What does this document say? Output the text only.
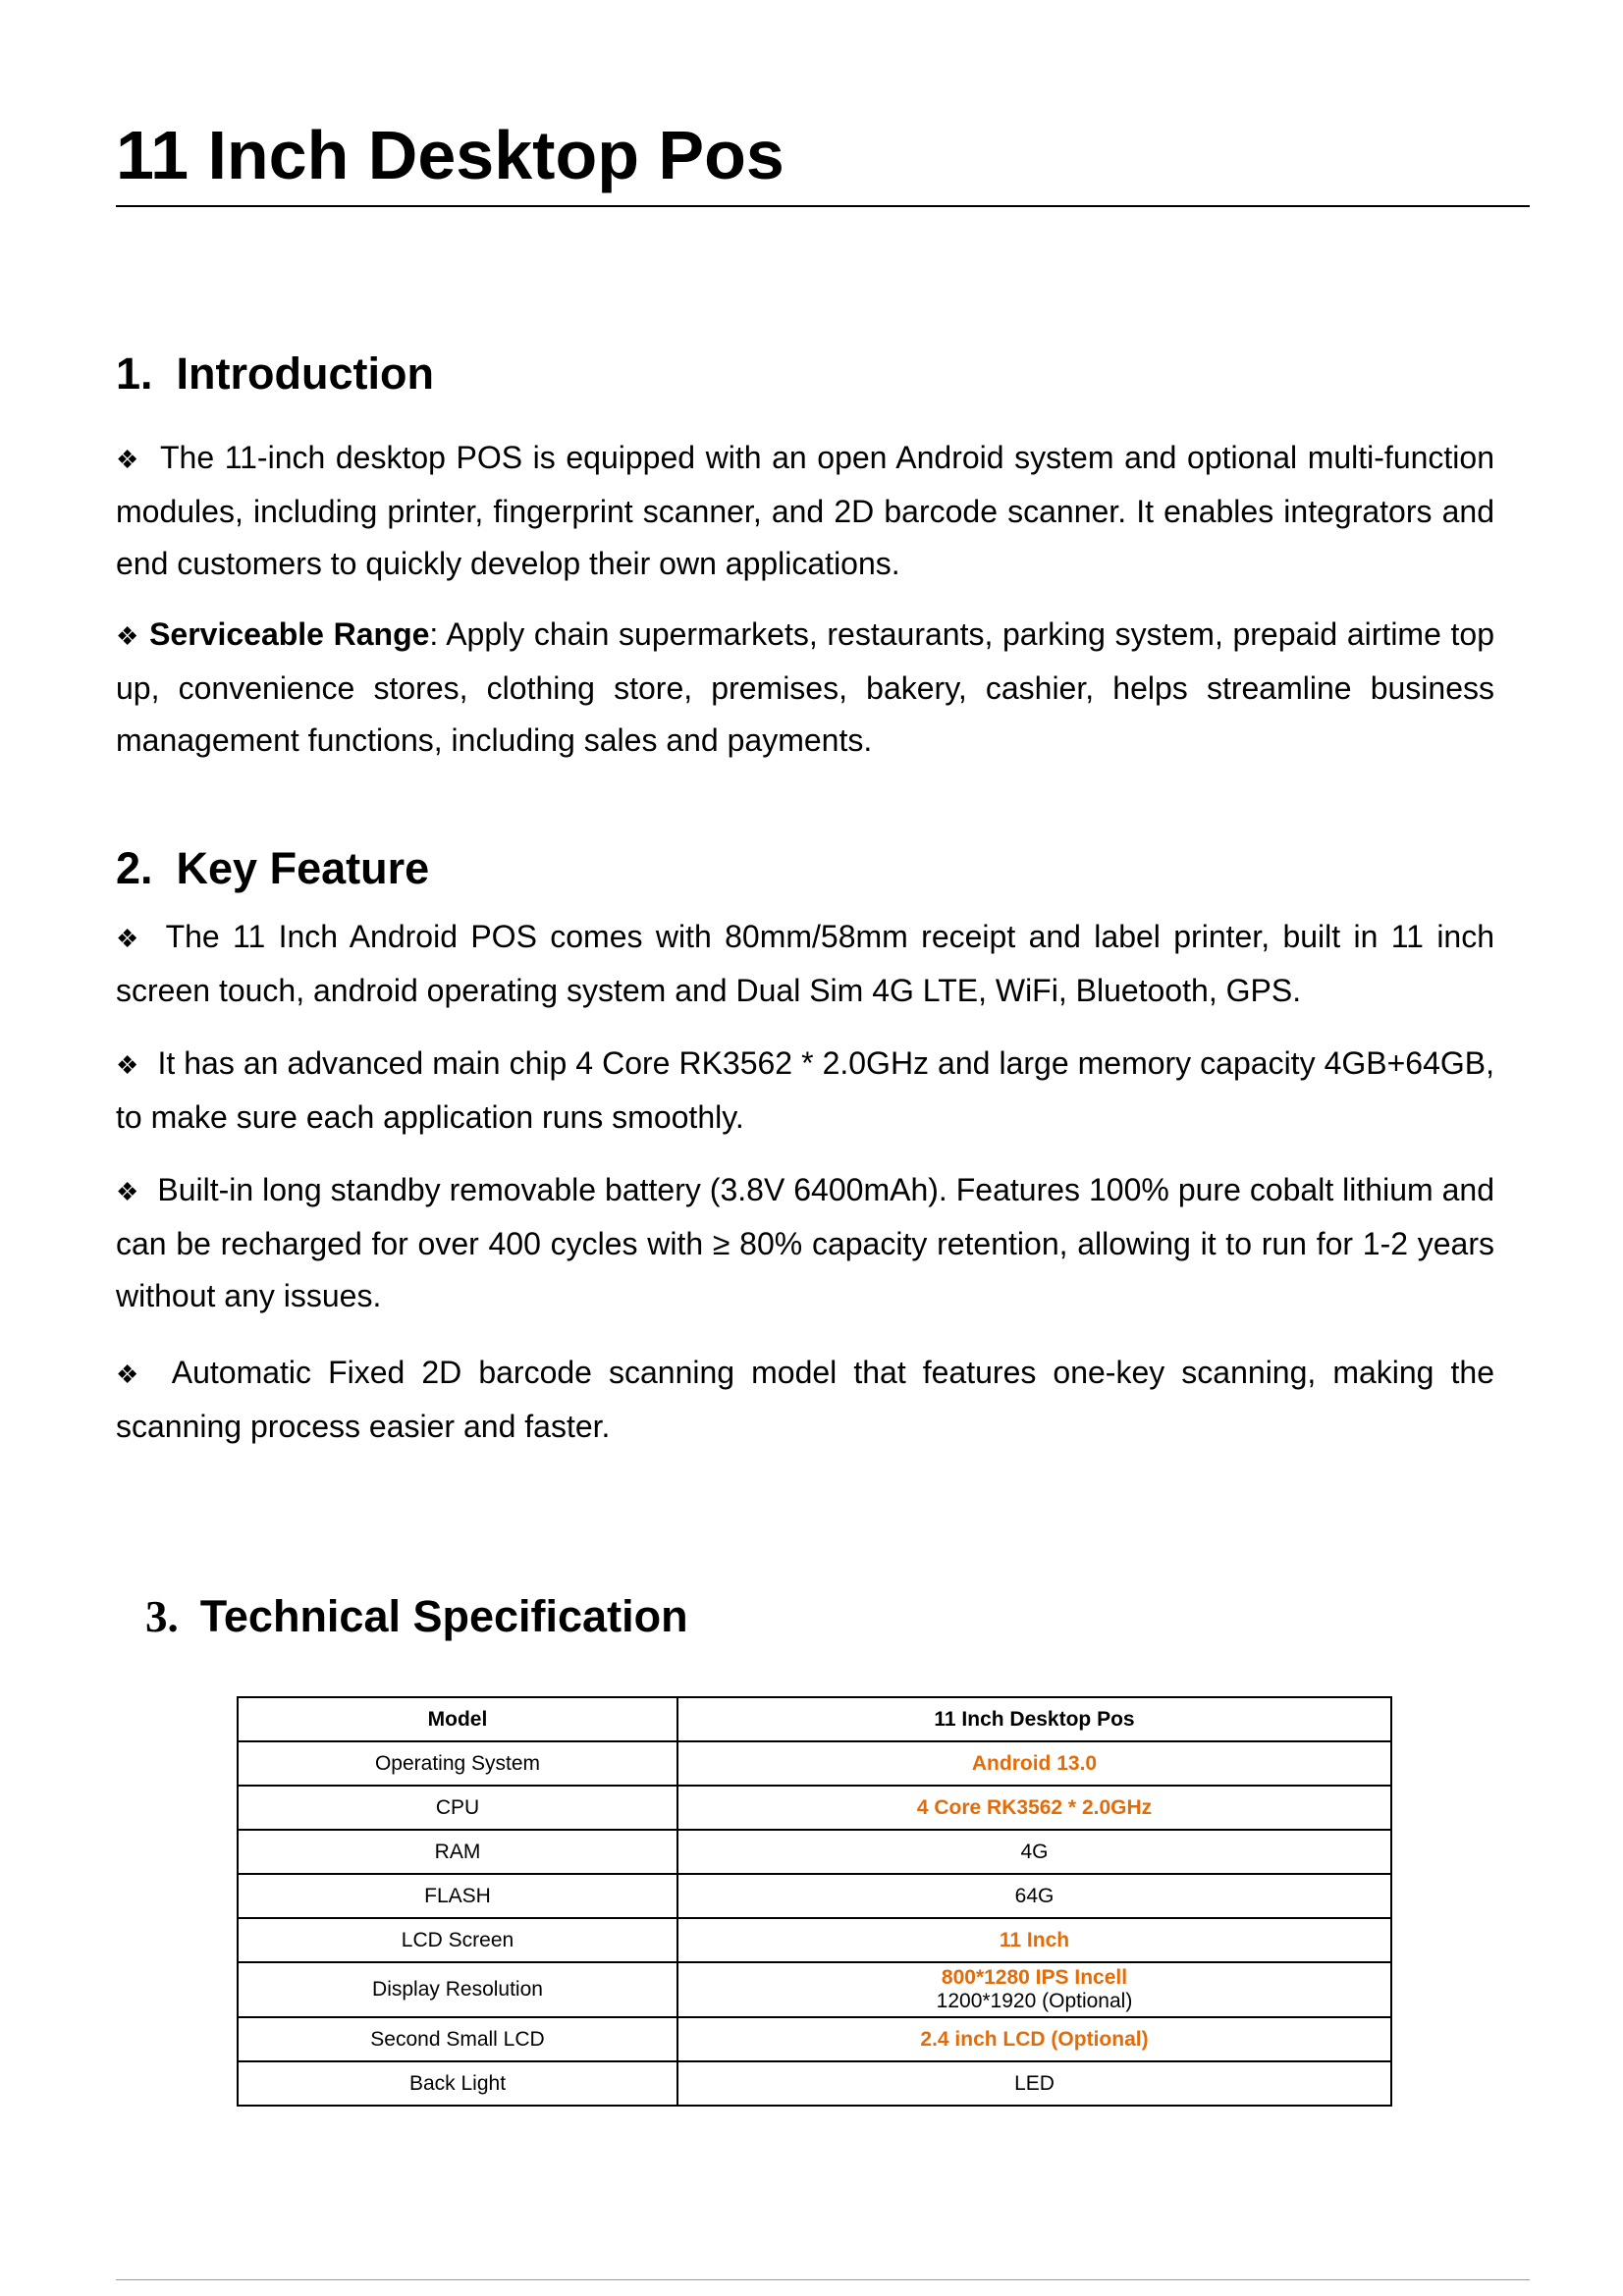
11 Inch Desktop Pos
1. Introduction

❖ The 11-inch desktop POS is equipped with an open Android system and optional multi-function modules, including printer, fingerprint scanner, and 2D barcode scanner. It enables integrators and end customers to quickly develop their own applications.

❖ Serviceable Range: Apply chain supermarkets, restaurants, parking system, prepaid airtime top up, convenience stores, clothing store, premises, bakery, cashier, helps streamline business management functions, including sales and payments.

2. Key Feature

❖ The 11 Inch Android POS comes with 80mm/58mm receipt and label printer, built in 11 inch screen touch, android operating system and Dual Sim 4G LTE, WiFi, Bluetooth, GPS.

❖ It has an advanced main chip 4 Core RK3562 * 2.0GHz and large memory capacity 4GB+64GB, to make sure each application runs smoothly.

❖ Built-in long standby removable battery (3.8V 6400mAh). Features 100% pure cobalt lithium and can be recharged for over 400 cycles with ≥ 80% capacity retention, allowing it to run for 1-2 years without any issues.

❖ Automatic Fixed 2D barcode scanning model that features one-key scanning, making the scanning process easier and faster.

3. Technical Specification
Model	11 Inch Desktop Pos
Operating System	Android 13.0
CPU	4 Core RK3562 * 2.0GHz
RAM	4G
FLASH	64G
LCD Screen	11 Inch
Display Resolution	800*1280 IPS Incell
1200*1920 (Optional)

Second Small LCD	2.4 inch LCD (Optional)
Back Light	LED
